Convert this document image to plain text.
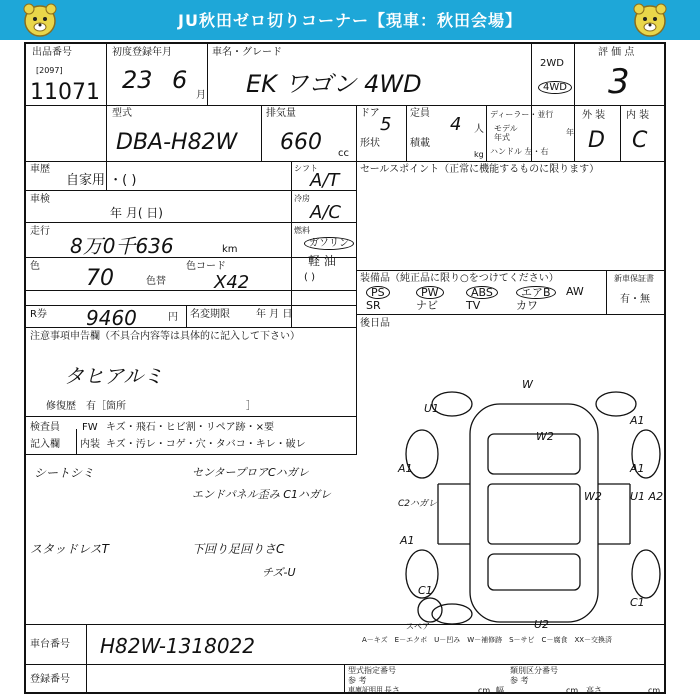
JU秋田ゼロ切りコーナー【現車：秋田会場】
出品番号
[2097]
11071
初度登録年月
23 6
月
車名・グレード
EK ワゴン 4WD
2WD
4WD
評 価 点
3
型式
DBA-H82W
排気量
660 cc
ドア
5
形状
定員
4 人
積載
kg
ディーラー・並行
モデル
年式
年
ハンドル 左・右
外 装
D
内 装
C
車歴
自家用 ・( )
シフト
A/T
車検
年 月( 日)
冷房
A/C
走行
8万0千636	km
燃料
ガソリン
軽 油
( )
色 70	色替
色コード
X42
R券 9460	円 名変期限	年 月 日
セールスポイント（正常に機能するものに限ります）
装備品（純正品に限り○をつけてください）	新車保証書
有・無
後日品
注意事項申告欄（不具合内容等は具体的に記入して下さい）
タヒアルミ
修復歴　有［箇所　　　　　　　　　　　　］
検査員
記入欄
FW キズ・飛石・ヒビ割・リペア跡・×要
内装 キズ・汚レ・コゲ・穴・タバコ・キレ・破レ
シートシミ	センタープロアCハガレ
エンドパネル歪み C1ハガレ
スタッドレスT	下回り足回りさC
チズ-U
W
U1
A1
W2
A1	A1
C2ハガレ
A1
W2	U1 A2
C1
C1
U2
スペア
A－キズ　E－エクボ　U－凹み　W－補修跡　S－サビ　C－腐食　XX－交換済
車台番号 H82W-1318022
登録番号
型式指定番号
参 考
類別区分番号
参 考
車庫証明用 長さ	cm 幅	cm 高さ	cm
PS	PW	ABS	エアB	AW
SR	ナビ	TV	カワ
